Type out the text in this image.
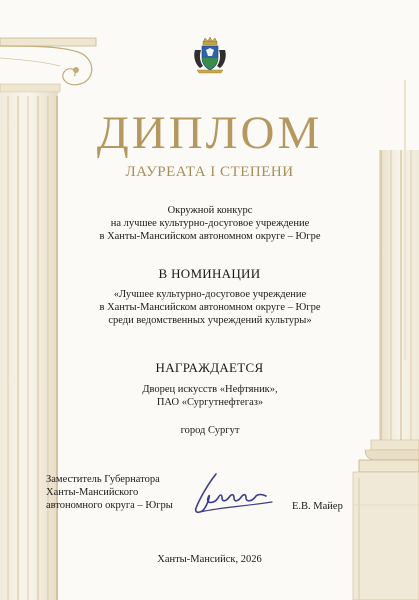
ДИПЛОМ
ЛАУРЕАТА I СТЕПЕНИ
Окружной конкурс
на лучшее культурно-досуговое учреждение
в Ханты-Мансийском автономном округе – Югре
В НОМИНАЦИИ
«Лучшее культурно-досуговое учреждение
в Ханты-Мансийском автономном округе – Югре
среди ведомственных учреждений культуры»
НАГРАЖДАЕТСЯ
Дворец искусств «Нефтяник»,
ПАО «Сургутнефтегаз»
город Сургут
Заместитель Губернатора
Ханты-Мансийского
автономного округа – Югры	Е.В. Майер
Ханты-Мансийск, 2026
